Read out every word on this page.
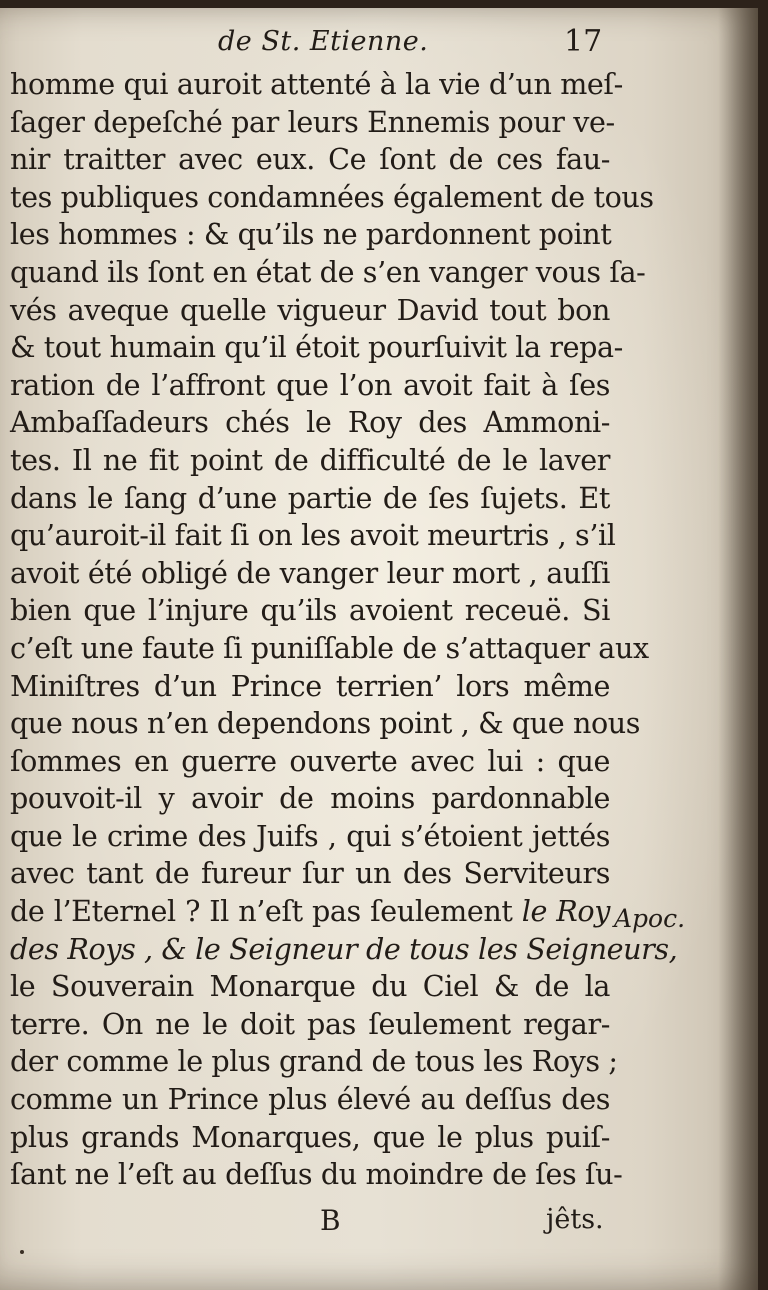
de St. Etienne.	17
homme qui auroit attenté à la vie d’un meſ-
ſager depeſché par leurs Ennemis pour ve-
nir traitter avec eux. Ce ſont de ces fau-
tes publiques condamnées également de tous
les hommes : & qu’ils ne pardonnent point
quand ils ſont en état de s’en vanger vous ſa-
vés aveque quelle vigueur David tout bon
& tout humain qu’il étoit pourſuivit la repa-
ration de l’affront que l’on avoit fait à ſes
Ambaſſadeurs chés le Roy des Ammoni-
tes. Il ne fit point de difficulté de le laver
dans le ſang d’une partie de ſes ſujets. Et
qu’auroit-il fait ſi on les avoit meurtris , s’il
avoit été obligé de vanger leur mort , auſſi
bien que l’injure qu’ils avoient receuë. Si
c’eſt une faute ſi puniſſable de s’attaquer aux
Miniſtres d’un Prince terrien’ lors même
que nous n’en dependons point , & que nous
ſommes en guerre ouverte avec lui : que
pouvoit-il y avoir de moins pardonnable
que le crime des Juifs , qui s’étoient jettés
avec tant de fureur ſur un des Serviteurs
de l’Eternel ? Il n’eſt pas ſeulement le Roy
des Roys , & le Seigneur de tous les Seigneurs,
le Souverain Monarque du Ciel & de la
terre. On ne le doit pas ſeulement regar-
der comme le plus grand de tous les Roys ;
comme un Prince plus élevé au deſſus des
plus grands Monarques, que le plus puiſ-
ſant ne l’eſt au deſſus du moindre de ſes ſu-
Apoc.
B	jêts.
